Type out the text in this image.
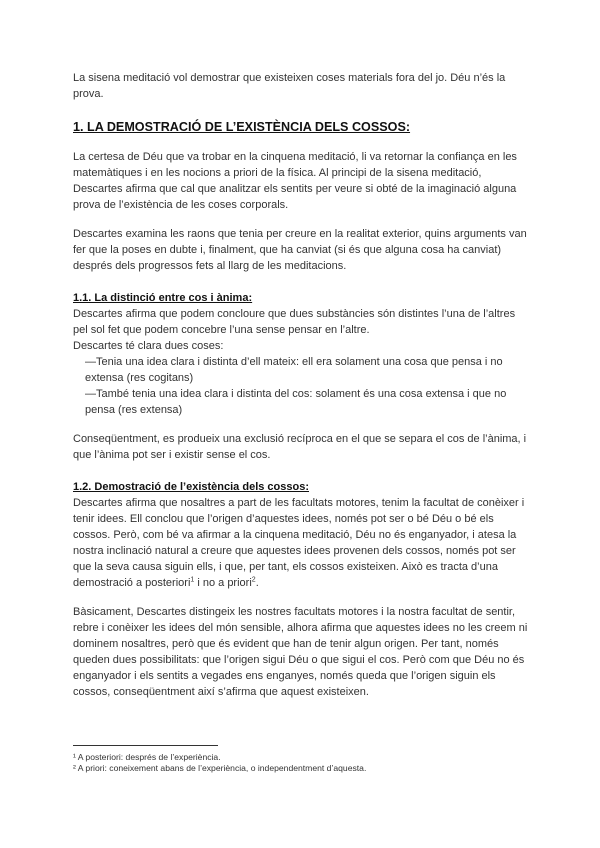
La sisena meditació vol demostrar que existeixen coses materials fora del jo. Déu n’és la prova.

1. LA DEMOSTRACIÓ DE L’EXISTÈNCIA DELS COSSOS:

La certesa de Déu que va trobar en la cinquena meditació, li va retornar la confiança en les matemàtiques i en les nocions a priori de la física. Al principi de la sisena meditació, Descartes afirma que cal que analitzar els sentits per veure si obté de la imaginació alguna prova de l’existència de les coses corporals.

Descartes examina les raons que tenia per creure en la realitat exterior, quins arguments van fer que la poses en dubte i, finalment, que ha canviat (si és que alguna cosa ha canviat) després dels progressos fets al llarg de les meditacions.

1.1. La distinció entre cos i ànima:

Descartes afirma que podem concloure que dues substàncies són distintes l’una de l’altres pel sol fet que podem concebre l’una sense pensar en l’altre.

Descartes té clara dues coses:

—Tenia una idea clara i distinta d’ell mateix: ell era solament una cosa que pensa i no extensa (res cogitans)

—També tenia una idea clara i distinta del cos: solament és una cosa extensa i que no pensa (res extensa)

Conseqüentment, es produeix una exclusió recíproca en el que se separa el cos de l’ànima, i que l’ànima pot ser i existir sense el cos.

1.2. Demostració de l’existència dels cossos:

Descartes afirma que nosaltres a part de les facultats motores, tenim la facultat de conèixer i tenir idees. Ell conclou que l’origen d’aquestes idees, només pot ser o bé Déu o bé els cossos. Però, com bé va afirmar a la cinquena meditació, Déu no és enganyador, i atesa la nostra inclinació natural a creure que aquestes idees provenen dels cossos, només pot ser que la seva causa siguin ells, i que, per tant, els cossos existeixen. Això es tracta d’una demostració a posteriori$^1$ i no a priori$^2$.

Bàsicament, Descartes distingeix les nostres facultats motores i la nostra facultat de sentir, rebre i conèixer les idees del món sensible, alhora afirma que aquestes idees no les creem ni dominem nosaltres, però que és evident que han de tenir algun origen. Per tant, només queden dues possibilitats: que l’origen sigui Déu o que sigui el cos. Però com que Déu no és enganyador i els sentits a vegades ens enganyes, només queda que l’origen siguin els cossos, conseqüentment així s’afirma que aquest existeixen.

¹ A posteriori: després de l’experiència.

² A priori: coneixement abans de l’experiència, o independentment d’aquesta.
